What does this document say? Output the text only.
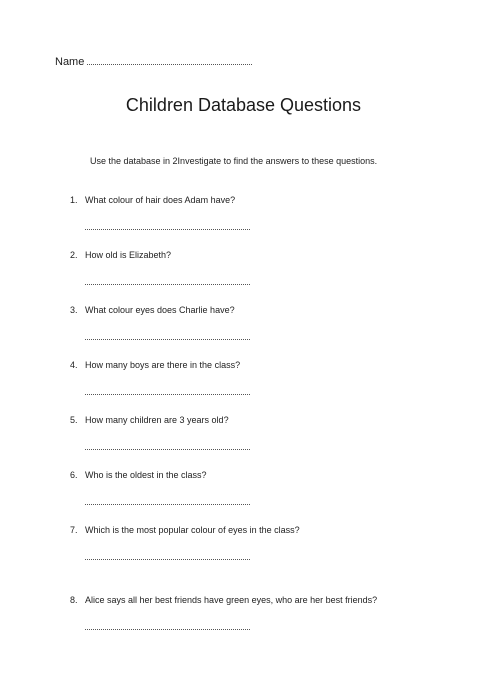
Name
Children Database Questions
Use the database in 2Investigate to find the answers to these questions.
1. What colour of hair does Adam have?
2. How old is Elizabeth?
3. What colour eyes does Charlie have?
4. How many boys are there in the class?
5. How many children are 3 years old?
6. Who is the oldest in the class?
7. Which is the most popular colour of eyes in the class?
8. Alice says all her best friends have green eyes, who are her best friends?
